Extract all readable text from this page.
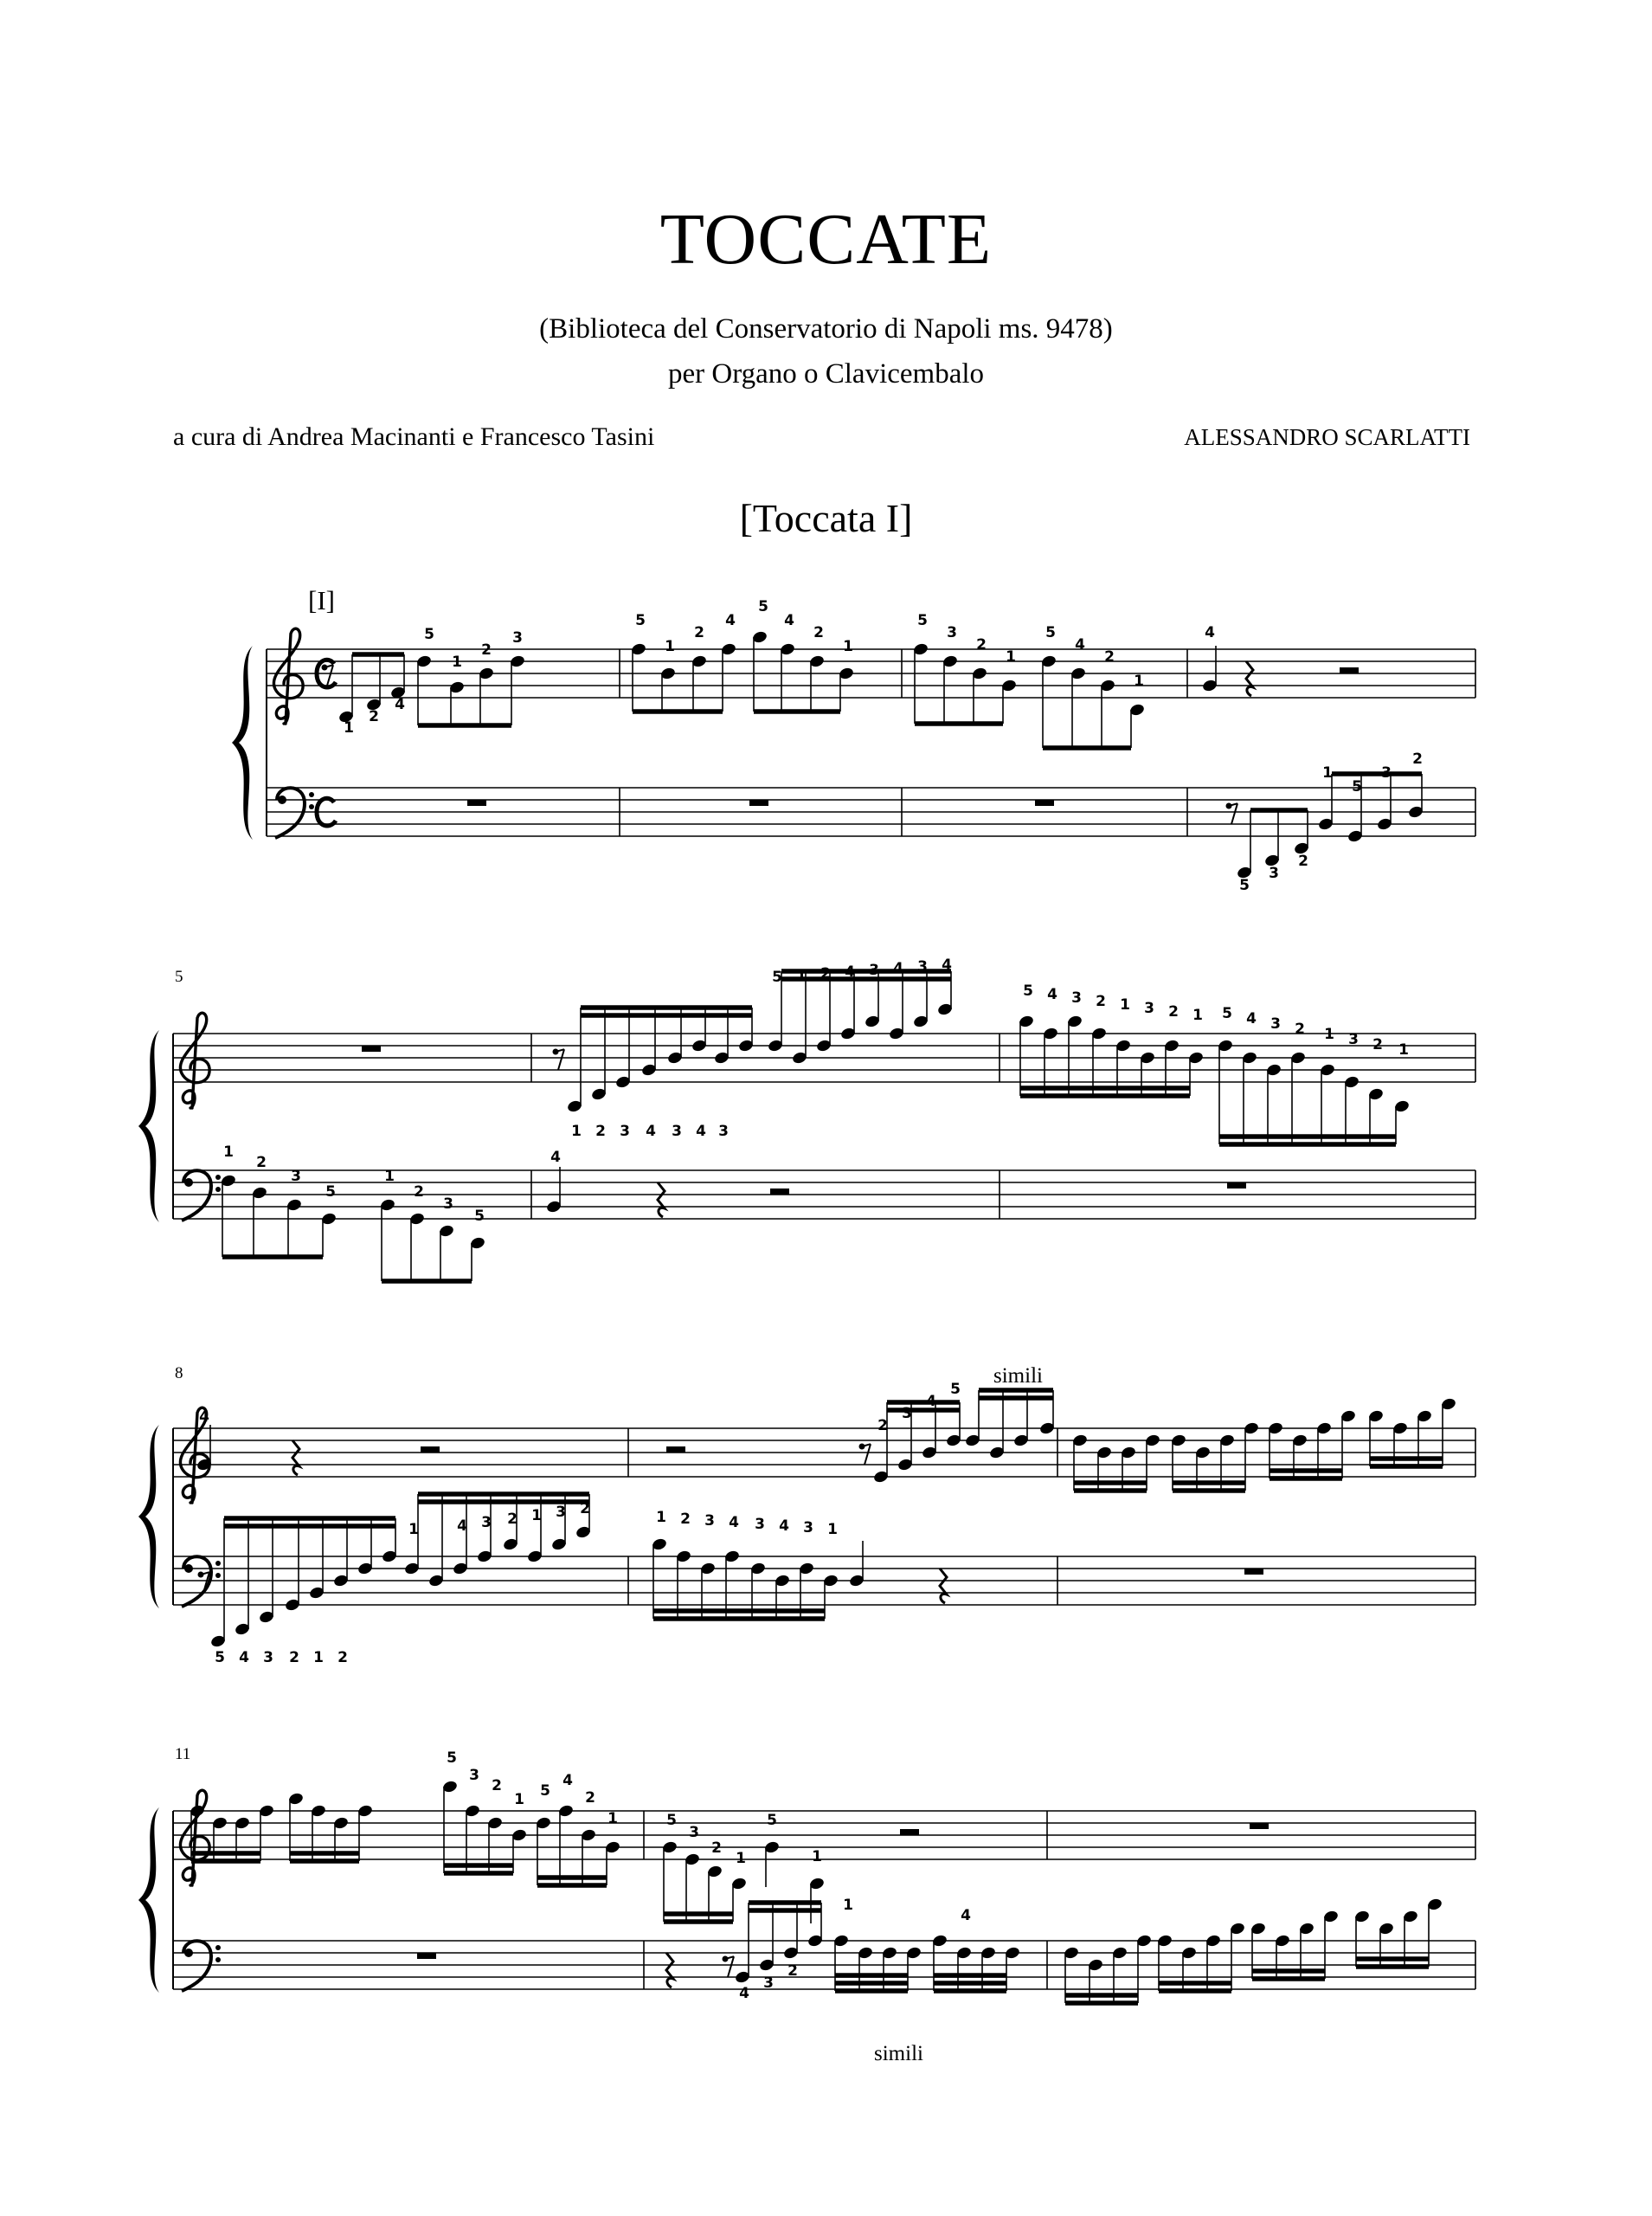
TOCCATE
(Biblioteca del Conservatorio di Napoli ms. 9478)
per Organo o Clavicembalo
a cura di Andrea Macinanti e Francesco Tasini	ALESSANDRO SCARLATTI
[Toccata I]
1
2
4
5
1
2
3
5
1
2
4
5
4
2
1
5
3
2
1
5
4
2
1
4
5
3
2
1
5
3
2
1 2 3 4 3 4 3
5 1 2 4 3 4 3 4
5 4 3 2 1 3 2 1 5 4 3 2 1 3 2 1
1
2
3
5
1
2
3
5
4
4	2
3
4
5
5 4 3 2 1 2
1	4 3 2 1 3 2	1 2 3 4 3 4 3 1
5
3
2
1 5
4
2
1	5
3
2
1
5
1
4
3
2
1
4
[I]
simili
simili
5
8
11
